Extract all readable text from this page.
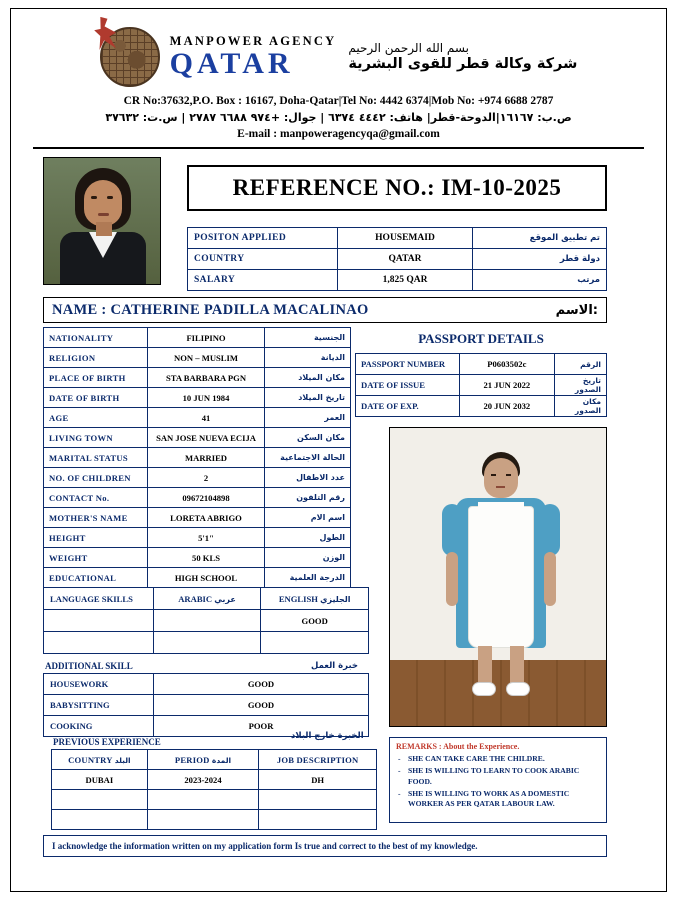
MANPOWER AGENCY
QATAR	بسم الله الرحمن الرحيم
شركة وكالة قطر للقوى البشرية
CR No:37632,P.O. Box : 16167, Doha-Qatar|Tel No: 4442 6374|Mob No: +974 6688 2787
ص.ب: ١٦١٦٧|الدوحة-قطر| هاتف: ٤٤٤٢ ٦٣٧٤ | جوال: +٩٧٤ ٦٦٨٨ ٢٧٨٧ | س.ت: ٣٧٦٣٢
E-mail : manpoweragencyqa@gmail.com
REFERENCE NO.: IM-10-2025
POSITON APPLIED	HOUSEMAID	تم تطبيق الموقع
COUNTRY	QATAR	دولة قطر
SALARY	1,825 QAR	مرتب
NAME : CATHERINE PADILLA MACALINAO	الاسم:
NATIONALITY	FILIPINO	الجنسية
RELIGION	NON – MUSLIM	الديانة
PLACE OF BIRTH	STA BARBARA PGN	مكان الميلاد
DATE OF BIRTH	10 JUN 1984	تاريخ الميلاد
AGE	41	العمر
LIVING TOWN	SAN JOSE NUEVA ECIJA	مكان السكن
MARITAL STATUS	MARRIED	الحالة الاجتماعية
NO. OF CHILDREN	2	عدد الاطفال
CONTACT No.	09672104898	رقم التلفون
MOTHER'S NAME	LORETA ABRIGO	اسم الام
HEIGHT	5'1"	الطول
WEIGHT	50 KLS	الوزن
EDUCATIONAL	HIGH SCHOOL	الدرجة العلمية
PASSPORT DETAILS
PASSPORT NUMBER	P0603502c	الرقم
DATE OF ISSUE	21 JUN 2022	تاريخ الصدور
DATE OF EXP.	20 JUN 2032	مكان الصدور
LANGUAGE SKILLS	ARABIC عربي	ENGLISH الجليزي
		GOOD

ADDITIONAL SKILL	خبرة العمل
HOUSEWORK	GOOD
BABYSITTING	GOOD
COOKING	POOR
PREVIOUS EXPERIENCE
الخبرة خارج البلاد
COUNTRY البلد	PERIOD المدة	JOB DESCRIPTION
DUBAI	2023-2024	DH

REMARKS : About the Experience.
- SHE CAN TAKE CARE THE CHILDRE.
- SHE IS WILLING TO LEARN TO COOK ARABIC FOOD.
- SHE IS WILLING TO WORK AS A DOMESTIC WORKER AS PER QATAR LABOUR LAW.
I acknowledge the information written on my application form Is true and correct to the best of my knowledge.
